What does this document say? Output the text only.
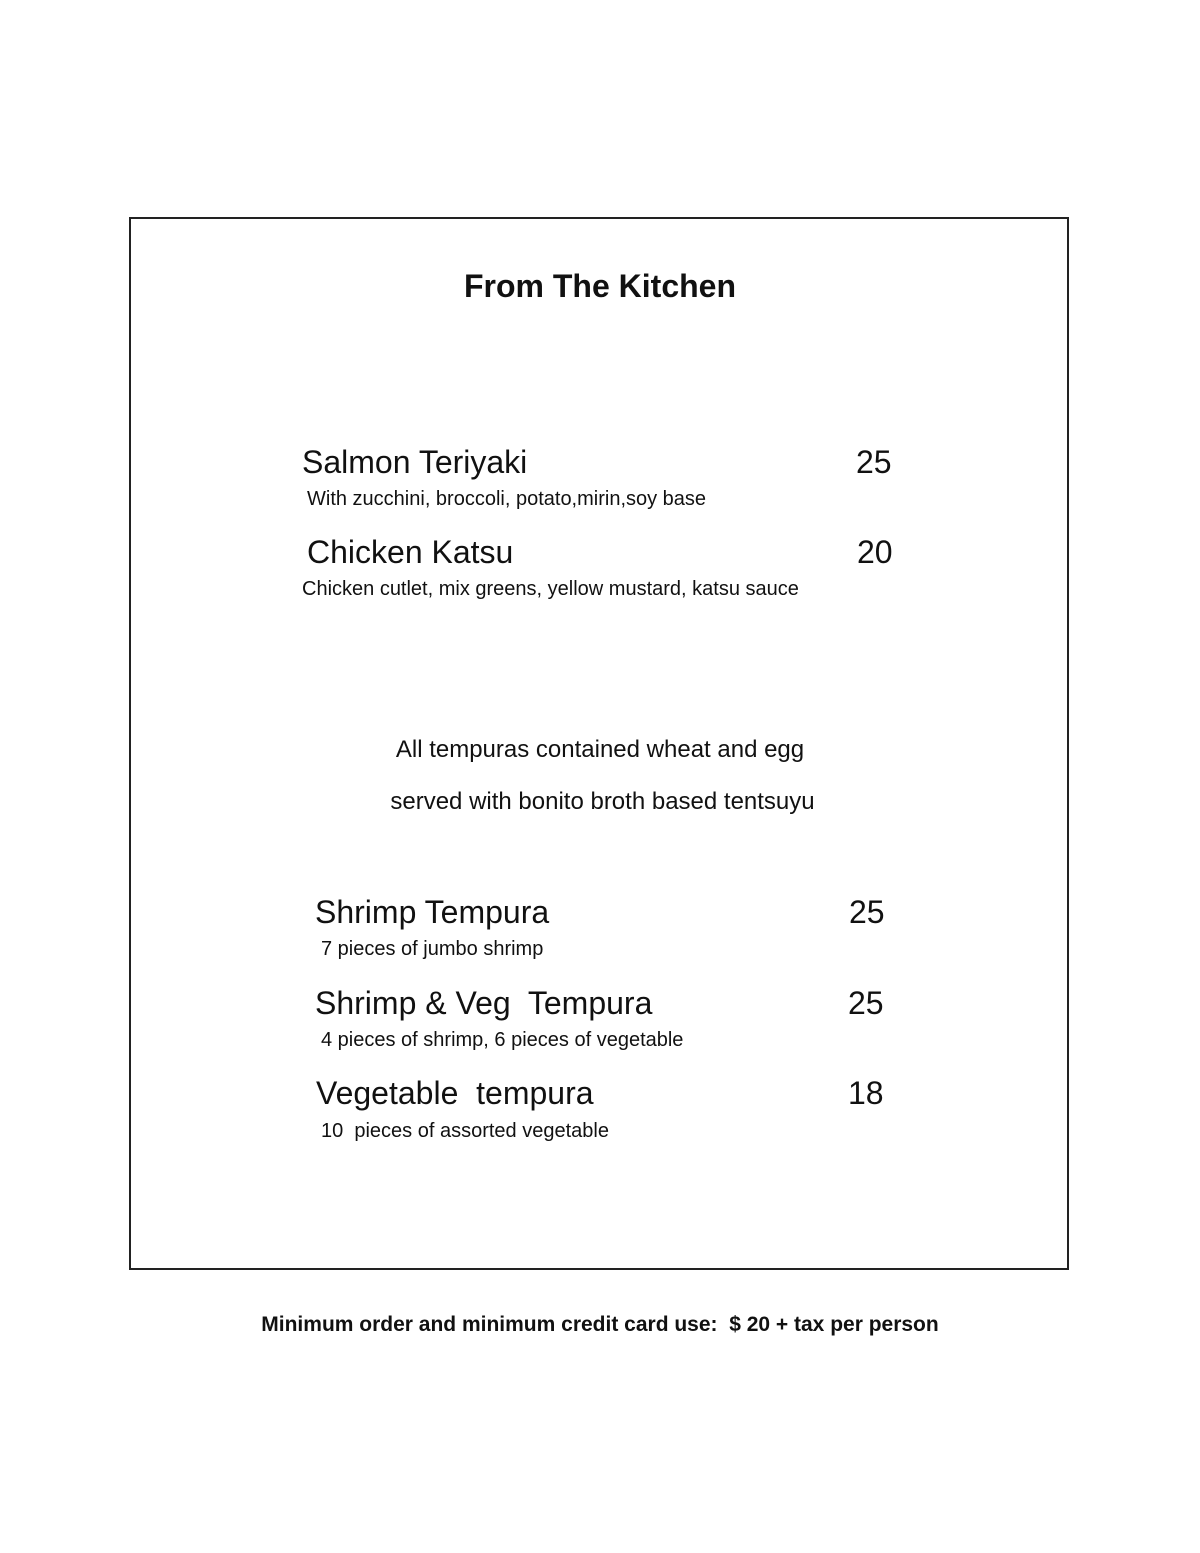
From The Kitchen
Salmon Teriyaki	25
With zucchini, broccoli, potato,mirin,soy base
Chicken Katsu	20
Chicken cutlet, mix greens, yellow mustard, katsu sauce
All tempuras contained wheat and egg
served with bonito broth based tentsuyu
Shrimp Tempura	25
7 pieces of jumbo shrimp
Shrimp & Veg  Tempura	25
4 pieces of shrimp, 6 pieces of vegetable
Vegetable  tempura	18
10  pieces of assorted vegetable
Minimum order and minimum credit card use:  $ 20 + tax per person
